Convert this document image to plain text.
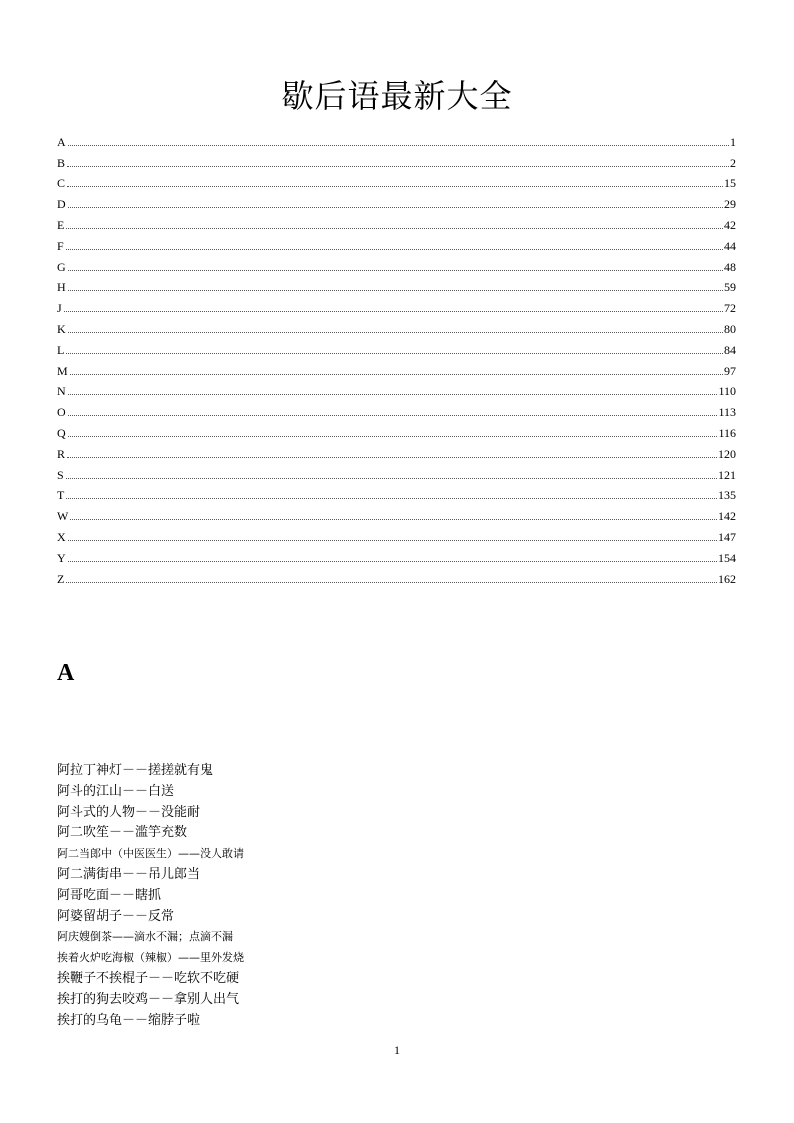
歇后语最新大全
A	1
B	2
C	15
D	29
E	42
F	44
G	48
H	59
J	72
K	80
L	84
M	97
N	110
O	113
Q	116
R	120
S	121
T	135
W	142
X	147
Y	154
Z	162
A
阿拉丁神灯－－搓搓就有鬼
阿斗的江山－－白送
阿斗式的人物－－没能耐
阿二吹笙－－滥竽充数
阿二当郎中（中医医生）——没人敢请
阿二满街串－－吊儿郎当
阿哥吃面－－瞎抓
阿婆留胡子－－反常
阿庆嫂倒茶——滴水不漏；点滴不漏
挨着火炉吃海椒（辣椒）——里外发烧
挨鞭子不挨棍子－－吃软不吃硬
挨打的狗去咬鸡－－拿别人出气
挨打的乌龟－－缩脖子啦
1
